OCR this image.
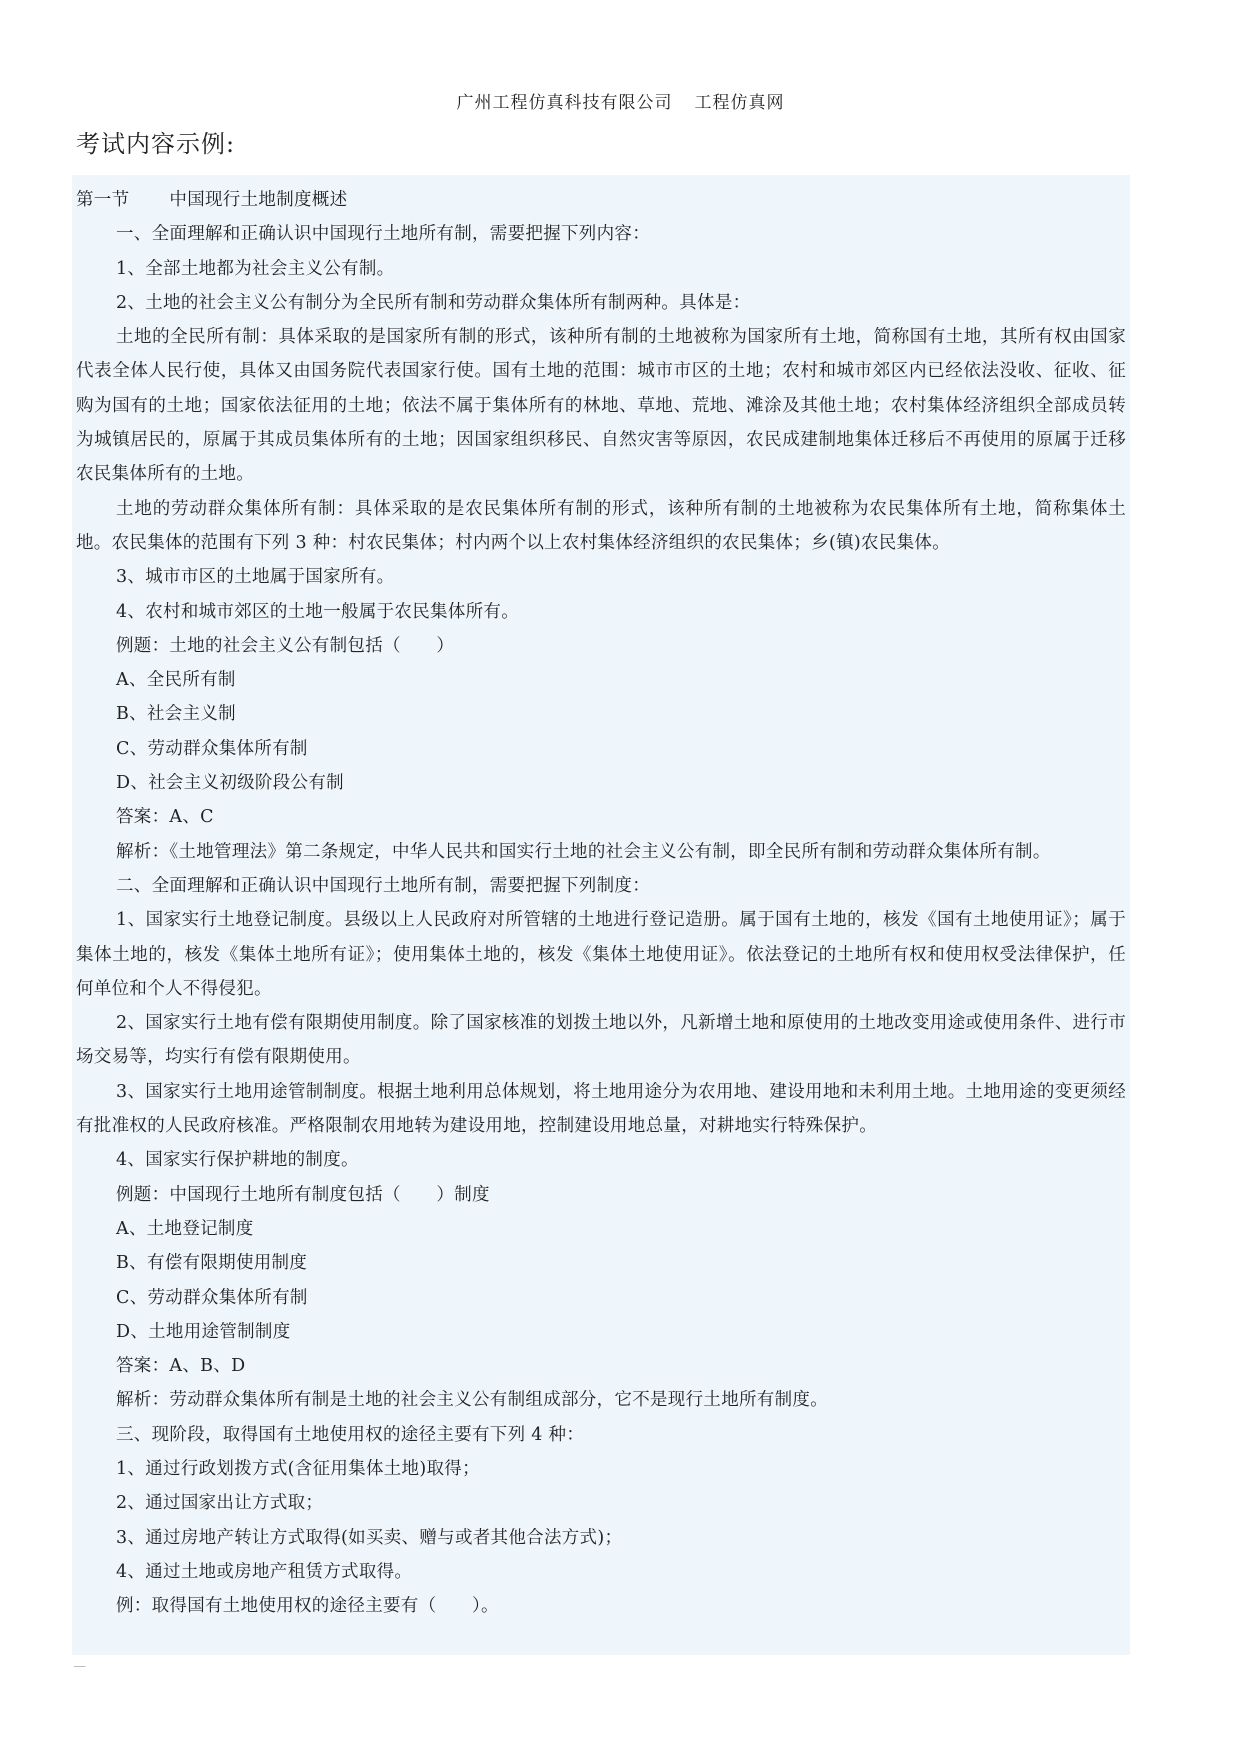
广州工程仿真科技有限公司 工程仿真网
考试内容示例:

第一节 中国现行土地制度概述

一、全面理解和正确认识中国现行土地所有制，需要把握下列内容：

1、全部土地都为社会主义公有制。

2、土地的社会主义公有制分为全民所有制和劳动群众集体所有制两种。具体是：

土地的全民所有制：具体采取的是国家所有制的形式，该种所有制的土地被称为国家所有土地，简称国有土地，其所有权由国家代表全体人民行使，具体又由国务院代表国家行使。国有土地的范围：城市市区的土地；农村和城市郊区内已经依法没收、征收、征购为国有的土地；国家依法征用的土地；依法不属于集体所有的林地、草地、荒地、滩涂及其他土地；农村集体经济组织全部成员转为城镇居民的，原属于其成员集体所有的土地；因国家组织移民、自然灾害等原因，农民成建制地集体迁移后不再使用的原属于迁移农民集体所有的土地。

土地的劳动群众集体所有制：具体采取的是农民集体所有制的形式，该种所有制的土地被称为农民集体所有土地，简称集体土地。农民集体的范围有下列 3 种：村农民集体；村内两个以上农村集体经济组织的农民集体；乡(镇)农民集体。

3、城市市区的土地属于国家所有。

4、农村和城市郊区的土地一般属于农民集体所有。

例题：土地的社会主义公有制包括（　　）

A、全民所有制

B、社会主义制

C、劳动群众集体所有制

D、社会主义初级阶段公有制

答案：A、C

解析：《土地管理法》第二条规定，中华人民共和国实行土地的社会主义公有制，即全民所有制和劳动群众集体所有制。

二、全面理解和正确认识中国现行土地所有制，需要把握下列制度：

1、国家实行土地登记制度。县级以上人民政府对所管辖的土地进行登记造册。属于国有土地的，核发《国有土地使用证》；属于集体土地的，核发《集体土地所有证》；使用集体土地的，核发《集体土地使用证》。依法登记的土地所有权和使用权受法律保护，任何单位和个人不得侵犯。

2、国家实行土地有偿有限期使用制度。除了国家核准的划拨土地以外，凡新增土地和原使用的土地改变用途或使用条件、进行市场交易等，均实行有偿有限期使用。

3、国家实行土地用途管制制度。根据土地利用总体规划，将土地用途分为农用地、建设用地和未利用土地。土地用途的变更须经有批准权的人民政府核准。严格限制农用地转为建设用地，控制建设用地总量，对耕地实行特殊保护。

4、国家实行保护耕地的制度。

例题：中国现行土地所有制度包括（　　）制度

A、土地登记制度

B、有偿有限期使用制度

C、劳动群众集体所有制

D、土地用途管制制度

答案：A、B、D

解析：劳动群众集体所有制是土地的社会主义公有制组成部分，它不是现行土地所有制度。

三、现阶段，取得国有土地使用权的途径主要有下列 4 种：

1、通过行政划拨方式(含征用集体土地)取得；

2、通过国家出让方式取；

3、通过房地产转让方式取得(如买卖、赠与或者其他合法方式)；

4、通过土地或房地产租赁方式取得。

例：取得国有土地使用权的途径主要有（　　）。
